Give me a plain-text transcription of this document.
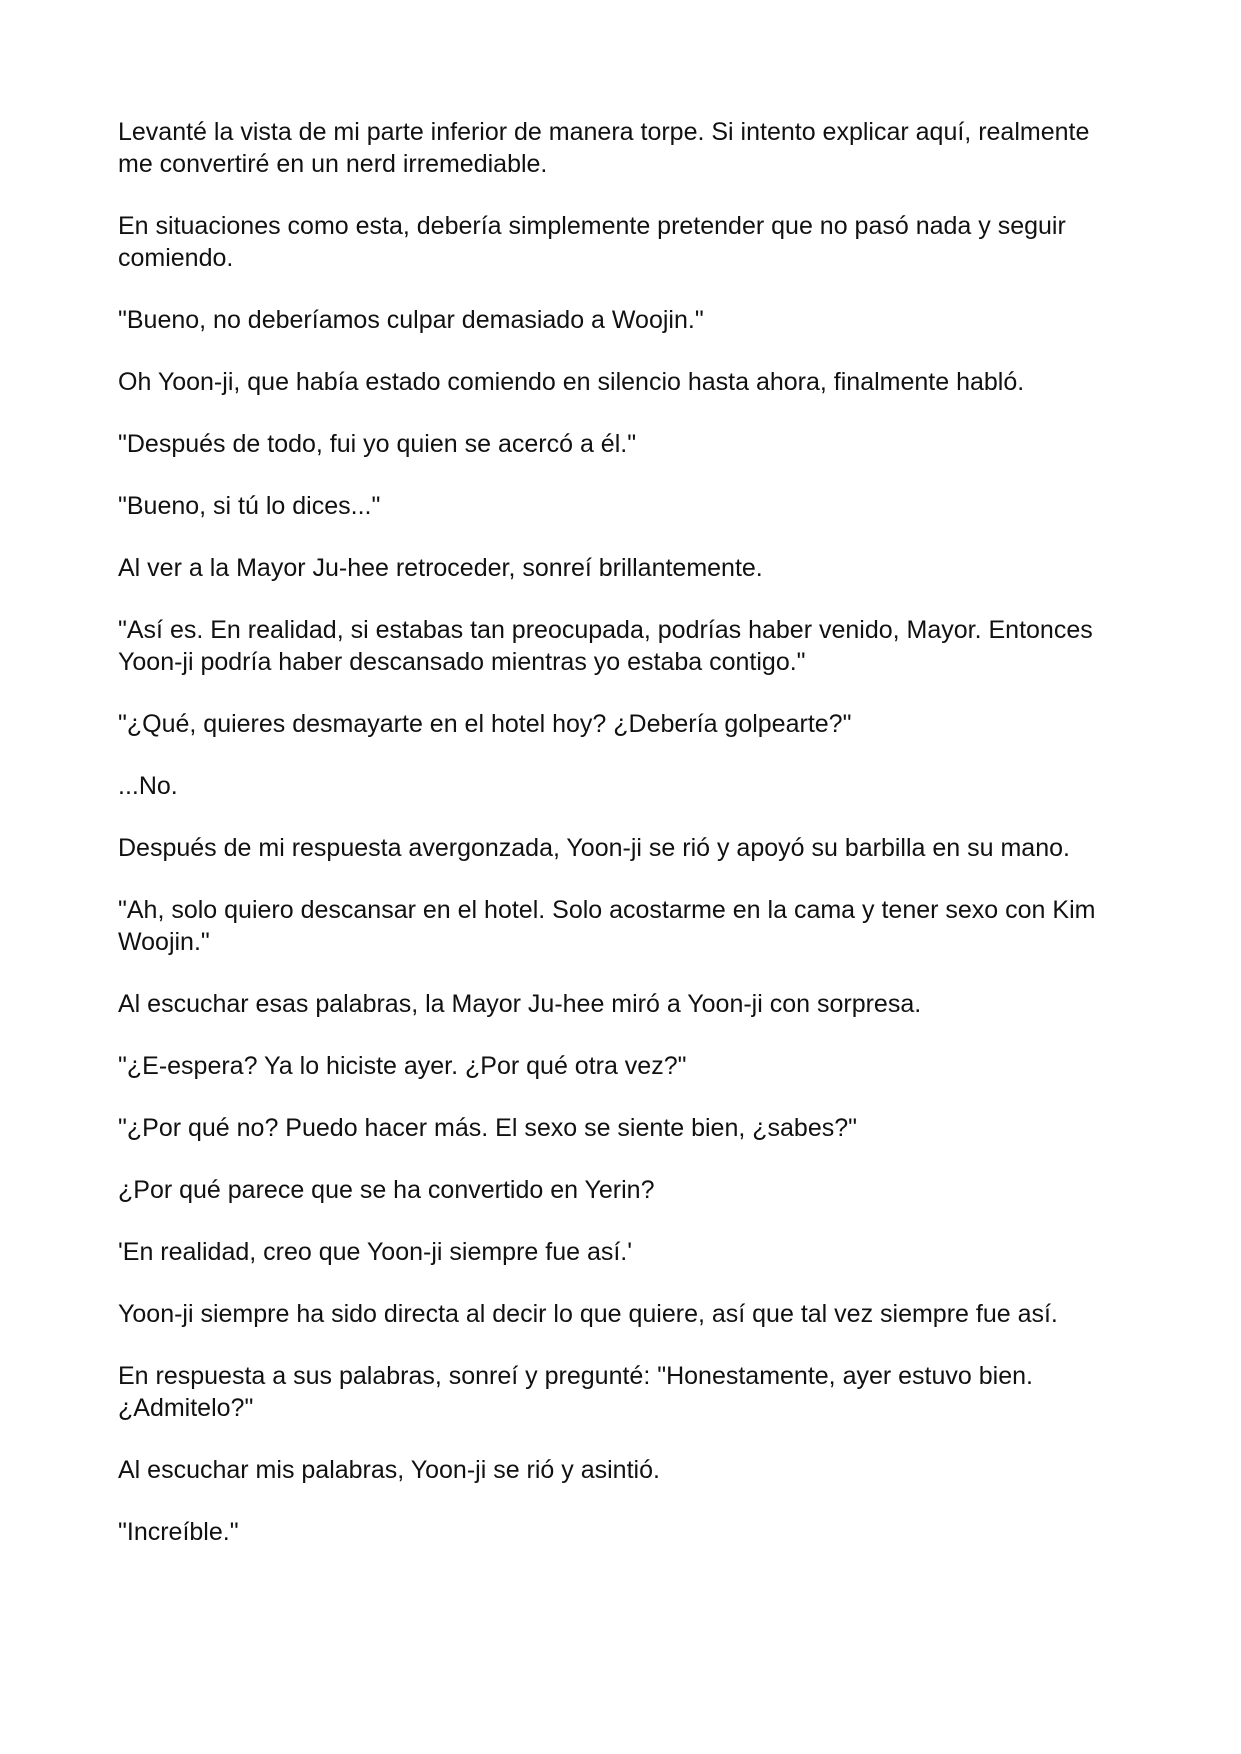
Levanté la vista de mi parte inferior de manera torpe. Si intento explicar aquí, realmente me convertiré en un nerd irremediable.

En situaciones como esta, debería simplemente pretender que no pasó nada y seguir comiendo.

"Bueno, no deberíamos culpar demasiado a Woojin."

Oh Yoon-ji, que había estado comiendo en silencio hasta ahora, finalmente habló.

"Después de todo, fui yo quien se acercó a él."

"Bueno, si tú lo dices..."

Al ver a la Mayor Ju-hee retroceder, sonreí brillantemente.

"Así es. En realidad, si estabas tan preocupada, podrías haber venido, Mayor. Entonces Yoon-ji podría haber descansado mientras yo estaba contigo."

"¿Qué, quieres desmayarte en el hotel hoy? ¿Debería golpearte?"

...No.

Después de mi respuesta avergonzada, Yoon-ji se rió y apoyó su barbilla en su mano.

"Ah, solo quiero descansar en el hotel. Solo acostarme en la cama y tener sexo con Kim Woojin."

Al escuchar esas palabras, la Mayor Ju-hee miró a Yoon-ji con sorpresa.

"¿E-espera? Ya lo hiciste ayer. ¿Por qué otra vez?"

"¿Por qué no? Puedo hacer más. El sexo se siente bien, ¿sabes?"

¿Por qué parece que se ha convertido en Yerin?

'En realidad, creo que Yoon-ji siempre fue así.'

Yoon-ji siempre ha sido directa al decir lo que quiere, así que tal vez siempre fue así.

En respuesta a sus palabras, sonreí y pregunté: "Honestamente, ayer estuvo bien. ¿Admitelo?"

Al escuchar mis palabras, Yoon-ji se rió y asintió.

"Increíble."
